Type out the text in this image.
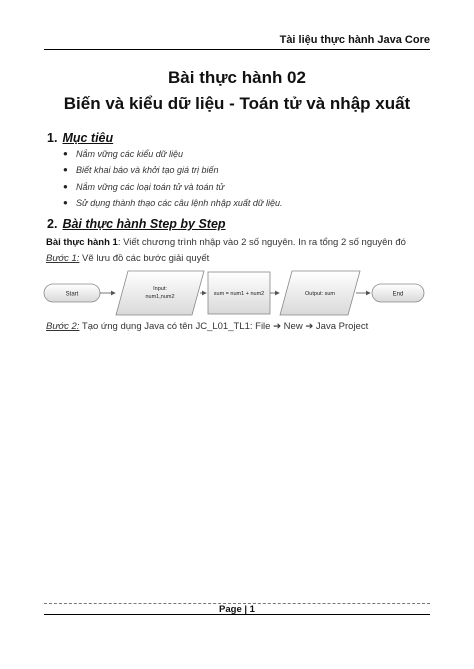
Tài liệu thực hành Java Core
Bài thực hành 02
Biến và kiểu dữ liệu - Toán tử và nhập xuất
1. Mục tiêu
● Nắm vững các kiểu dữ liệu
● Biết khai báo và khởi tạo giá trị biến
● Nắm vững các loại toán tử và toán tử
● Sử dụng thành thạo các câu lệnh nhập xuất dữ liệu.
2. Bài thực hành Step by Step
Bài thực hành 1: Viết chương trình nhập vào 2 số nguyên. In ra tổng 2 số nguyên đó
Bước 1: Vẽ lưu đồ các bước giải quyết
Start
Input:
num1,num2	sum = num1 + num2	Output: sum	End
Bước 2: Tạo ứng dụng Java có tên JC_L01_TL1: File ➔ New ➔ Java Project
Page | 1
